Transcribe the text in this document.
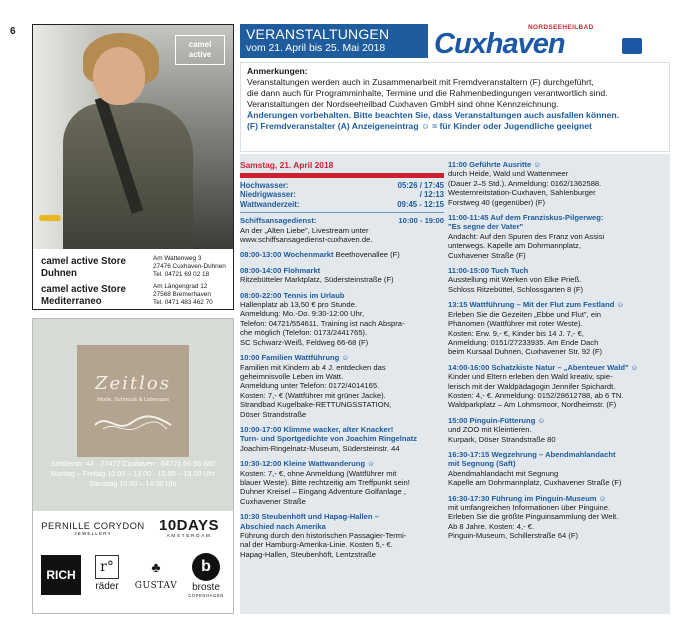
6
camel
active
camel active Store
Duhnen
Am Wattenweg 3
27476 Cuxhaven-Duhnen
Tel. 04721 69 02 18
camel active Store
Mediterraneo
Am Längengrad 12
27568 Bremerhaven
Tel. 0471 483 462 70
Zeitlos
Mode, Schmuck & Lebensart
Schillerstr. 44 · 27472 Cuxhaven · 04721 66 56 880
Montag – Freitag 10.00 – 13.00 · 15.00 – 18.00 Uhr
Samstag 10.00 – 14.00 Uhr
PERNILLE CORYDON
JEWELLERY
10DAYS
AMSTERDAM
RICH	r°
räder
♣
GUSTAV
b
broste
COPENHAGEN
VERANSTALTUNGEN
vom 21. April bis 25. Mai 2018
NORDSEEHEILBAD
Cuxhaven
Anmerkungen:
Veranstaltungen werden auch in Zusammenarbeit mit Fremdveranstaltern (F) durchgeführt,
die dann auch für Programminhalte, Termine und die Rahmenbedingungen verantwortlich sind.
Veranstaltungen der Nordseeheilbad Cuxhaven GmbH sind ohne Kennzeichnung.
Änderungen vorbehalten. Bitte beachten Sie, dass Veranstaltungen auch ausfallen können.
(F) Fremdveranstalter (A) Anzeigeneintrag ☺ = für Kinder oder Jugendliche geeignet
Samstag, 21. April 2018
Hochwasser:	05:26 / 17:45
Niedrigwasser:	/ 12:13
Wattwanderzeit:	09:45 - 12:15
Schiffsansagedienst:	10:00 - 19:00
An der „Alten Liebe", Livestream unter
www.schiffsansagedienst-cuxhaven.de.
08:00-13:00 Wochenmarkt Beethovenallee (F)
08:00-14:00 Flohmarkt
Ritzebütteler Marktplatz, Südersteinstraße (F)
08:00-22:00 Tennis im Urlaub
Hallenplatz ab 13,50 € pro Stunde.
Anmeldung: Mo.-Do. 9:30-12:00 Uhr,
Telefon: 04721/554611. Training ist nach Abspra-
che möglich (Telefon: 0173/2441765).
SC Schwarz-Weiß, Feldweg 66-68 (F)
10:00 Familien Wattführung ☺
Familien mit Kindern ab 4 J. entdecken das
geheimnisvolle Leben im Watt.
Anmeldung unter Telefon: 0172/4014165.
Kosten: 7,- € (Wattführer mit grüner Jacke).
Strandbad Kugelbake-RETTUNGSSTATION,
Döser Strandstraße
10:00-17:00 Klimme wacker, alter Knacker!
Turn- und Sportgedichte von Joachim Ringelnatz
Joachim-Ringelnatz-Museum, Südersteinstr. 44
10:30-12:00 Kleine Wattwanderung ☺
Kosten: 7,- €, ohne Anmeldung (Wattführer mit
blauer Weste). Bitte rechtzeitig am Treffpunkt sein!
Duhner Kreisel – Eingang Adventure Golfanlage ,
Cuxhavener Straße
10:30 Steubenhöft und Hapag-Hallen –
Abschied nach Amerika
Führung durch den historischen Passagier-Termi-
nal der Hamburg-Amerika-Linie. Kosten 5,- €.
Hapag-Hallen, Steubenhöft, Lentzstraße
11:00 Geführte Ausritte ☺
durch Heide, Wald und Wattenmeer
(Dauer 2–5 Std.). Anmeldung: 0162/1362588.
Westernreitstation-Cuxhaven, Sahlenburger
Forstweg 40 (gegenüber) (F)
11:00-11:45 Auf dem Franziskus-Pilgerweg:
"Es segne der Vater"
Andacht: Auf den Spuren des Franz von Assisi
unterwegs. Kapelle am Dohrmannplatz,
Cuxhavener Straße (F)
11:00-15:00 Tuch Tuch
Ausstellung mit Werken von Elke Prieß.
Schloss Ritzebüttel, Schlossgarten 8 (F)
13:15 Wattführung – Mit der Flut zum Festland ☺
Erleben Sie die Gezeiten „Ebbe und Flut", ein
Phänomen (Wattführer mit roter Weste).
Kosten: Erw. 9,- €, Kinder bis 14 J. 7,- €,
Anmeldung: 0151/27233935. Am Ende Dach
beim Kursaal Duhnen, Cuxhavener Str. 92 (F)
14:00-16:00 Schatzkiste Natur – „Abenteuer Wald" ☺
Kinder und Eltern erleben den Wald kreativ, spie-
lerisch mit der Waldpädagogin Jennifer Spichardt.
Kosten: 4,- €. Anmeldung: 0152/28612788, ab 6 TN.
Waldparkplatz – Am Lohmsmoor, Nordheimstr. (F)
15:00 Pinguin-Fütterung ☺
und ZOO mit Kleintieren.
Kurpark, Döser Strandstraße 80
16:30-17:15 Wegzehrung – Abendmahlandacht
mit Segnung (Saft)
Abendmahlandacht mit Segnung
Kapelle am Dohrmannplatz, Cuxhavener Straße (F)
16:30-17:30 Führung im Pinguin-Museum ☺
mit umfangreichen Informationen über Pinguine.
Erleben Sie die größte Pinguinsammlung der Welt.
Ab 8 Jahre. Kosten: 4,- €.
Pinguin-Museum, Schillerstraße 64 (F)
